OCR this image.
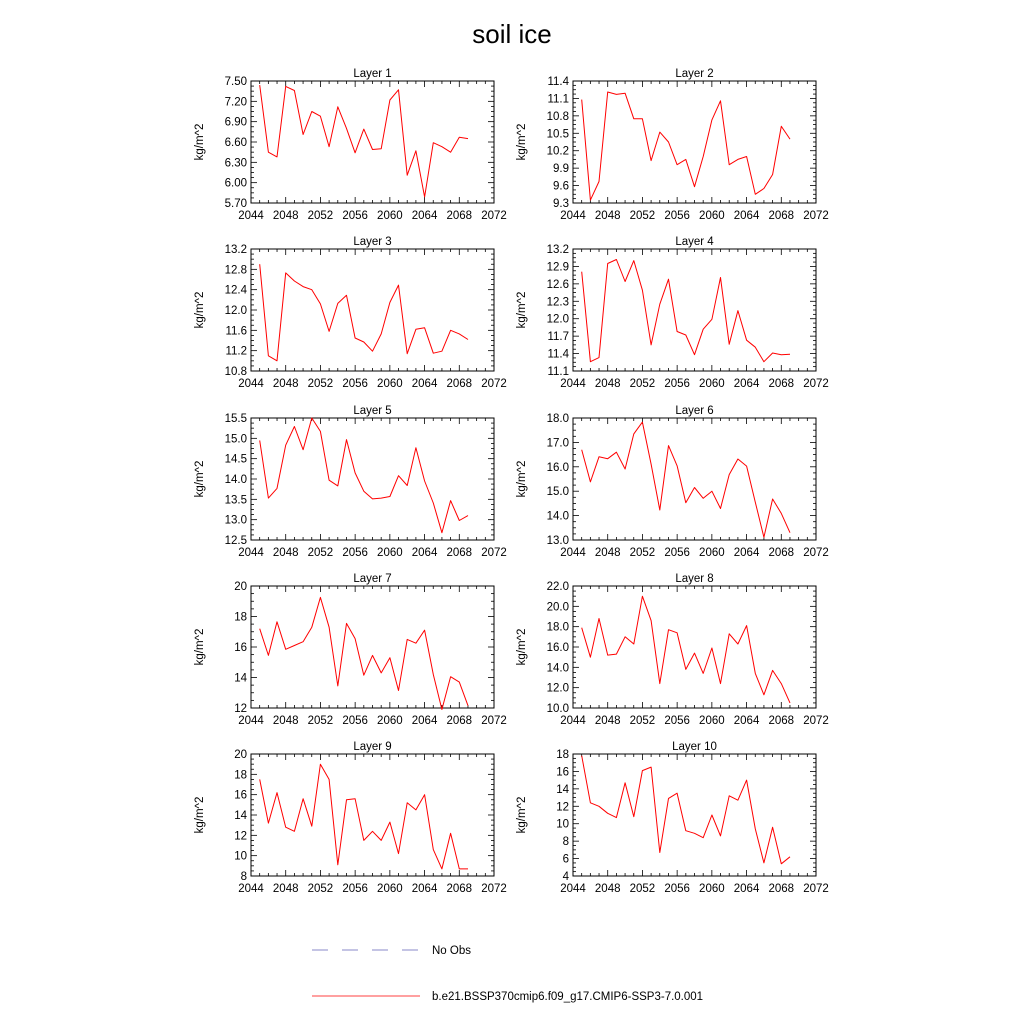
soil ice
Layer 1
kg/m^2
2044 2048 2052 2056 2060 2064 2068 2072
5.70
6.00
6.30
6.60
6.90
7.20
7.50
Layer 2
kg/m^2
2044 2048 2052 2056 2060 2064 2068 2072
9.3
9.6
9.9
10.2
10.5
10.8
11.1
11.4
Layer 3
kg/m^2
2044 2048 2052 2056 2060 2064 2068 2072
10.8
11.2
11.6
12.0
12.4
12.8
13.2
Layer 4
kg/m^2
2044 2048 2052 2056 2060 2064 2068 2072
11.1
11.4
11.7
12.0
12.3
12.6
12.9
13.2
Layer 5
kg/m^2
2044 2048 2052 2056 2060 2064 2068 2072
12.5
13.0
13.5
14.0
14.5
15.0
15.5
Layer 6
kg/m^2
2044 2048 2052 2056 2060 2064 2068 2072
13.0
14.0
15.0
16.0
17.0
18.0
Layer 7
kg/m^2
2044 2048 2052 2056 2060 2064 2068 2072
12
14
16
18
20
Layer 8
kg/m^2
2044 2048 2052 2056 2060 2064 2068 2072
10.0
12.0
14.0
16.0
18.0
20.0
22.0
Layer 9
kg/m^2
2044 2048 2052 2056 2060 2064 2068 2072
8
10
12
14
16
18
20
Layer 10
kg/m^2
2044 2048 2052 2056 2060 2064 2068 2072
4
6
8
10
12
14
16
18
No Obs
b.e21.BSSP370cmip6.f09_g17.CMIP6-SSP3-7.0.001
